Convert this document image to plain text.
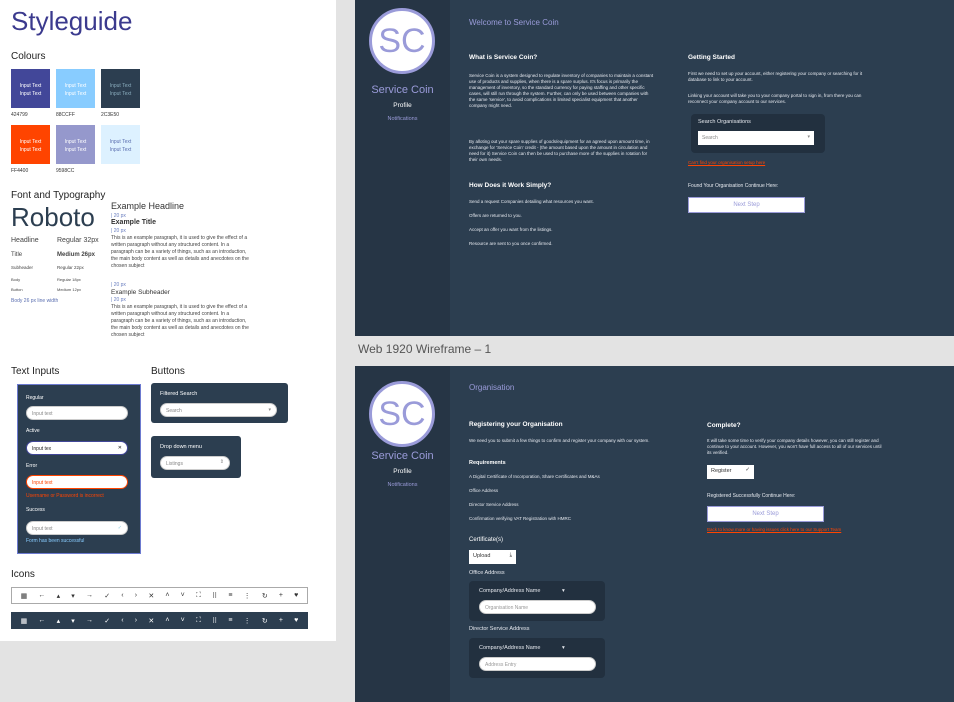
Styleguide
Colours
Input Text
Input Text
424799
Input Text
Input Text
88CCFF
Input Text
Input Text
2C3E50
Input Text
Input Text
FF4400
Input Text
Input Text
9598CC
Input Text
Input Text
Font and Typography
Roboto
Headline	Regular 32px
Title	Medium 26px
Subheader	Regular 22px
Body	Regular 18px
Button	Medium 12px
Body 26 px line width
Example Headline
| 20 px
Example Title
| 20 px
This is an example paragraph, it is used to give the effect of a written paragraph without any structured content. In a paragraph can be a variety of things, such as an introduction, the main body content as well as details and anecdotes on the chosen subject
| 20 px
Example Subheader
| 20 px
This is an example paragraph, it is used to give the effect of a written paragraph without any structured content. In a paragraph can be a variety of things, such as an introduction, the main body content as well as details and anecdotes on the chosen subject
Text Inputs
Regular
Input text
Active
Input tex	✕
Error
Input text
Username or Password is incorrect
Success
Input text	✓
Form has been successful
Buttons
Filtered Search
Search	▾
Drop down menu
Listings	⇕
Icons
▦ ← ▴ ▾ → ✓ ‹ › ✕ ˄ ˅ ⛶ ⠿ ≡ ⋮ ↻ + ♥
▦ ← ▴ ▾ → ✓ ‹ › ✕ ˄ ˅ ⛶ ⠿ ≡ ⋮ ↻ + ♥
SC
Service Coin
Profile
Notifications
Welcome to Service Coin
What is Service Coin?
Service Coin is a system designed to regulate inventory of companies to maintain a constant use of products and supplies, when there is a spare surplus. It's focus is primarily the management of inventory, so the standard currency for paying staffing and other specific cases, will still run through the system. Further, can only be used between companies with the same 'service', to avoid complications in limited specialist equipment that another company might need.
By alloting out your spare supplies of goods/equipment for an agreed upon amount time, in exchange for 'Service Coin' credit - (the amount based upon the amount in circulation and need for it) Service Coin can then be used to purchase more of the supplies in rotation for their own needs.
How Does it Work Simply?
Getting Started
First we need to set up your account, either registering your company or searching for it database to link to your account.
Linking your account will take you to your company portal to sign in, from there you can reconnect your company account to our services.
Search Organisations
Search	▾
Can't find your organisation setup here
Found Your Organisation Continue Here:
Next Step
Send a request Companies detailing what resources you want.
Offers are returned to you.
Accept an offer you want from the listings.
Resource are sent to you once confirmed.
Web 1920 Wireframe – 1
SC
Service Coin
Profile
Notifications
Organisation
Registering your Organisation
We need you to submit a few things to confirm and register your company with our system.
Requirements
Certificate(s)
Upload	⤓
Office Address
Company/Address Name	▾
Organisation Name
Director Service Address
Company/Address Name	▾
Address Entry
Complete?
It will take some time to verify your company details however, you can still register and continue to your account. However, you won't have full access to all of our services until its verified.
Register	✓
Registered Successfully Continue Here:
Next Step
Back to know more or having issues click here to our Support Team
A Digital Certificate of Incorporation, Share Certificates and M&As
Office Address
Director Service Address
Confirmation verifying VAT Registration with HMRC
